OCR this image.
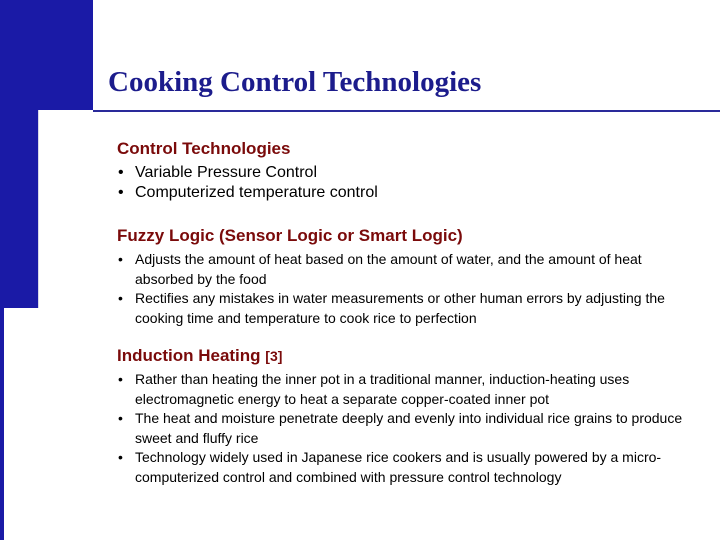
Cooking Control Technologies
Control Technologies
• Variable Pressure Control
• Computerized temperature control
Fuzzy Logic (Sensor Logic or Smart Logic)
• Adjusts the amount of heat based on the amount of water, and the amount of heat absorbed by the food
• Rectifies any mistakes in water measurements or other human errors by adjusting the cooking time and temperature to cook rice to perfection
Induction Heating [3]
• Rather than heating the inner pot in a traditional manner, induction-heating uses electromagnetic energy to heat a separate copper-coated inner pot
• The heat and moisture penetrate deeply and evenly into individual rice grains to produce sweet and fluffy rice
• Technology widely used in Japanese rice cookers and is usually powered by a micro-computerized control and combined with pressure control technology
